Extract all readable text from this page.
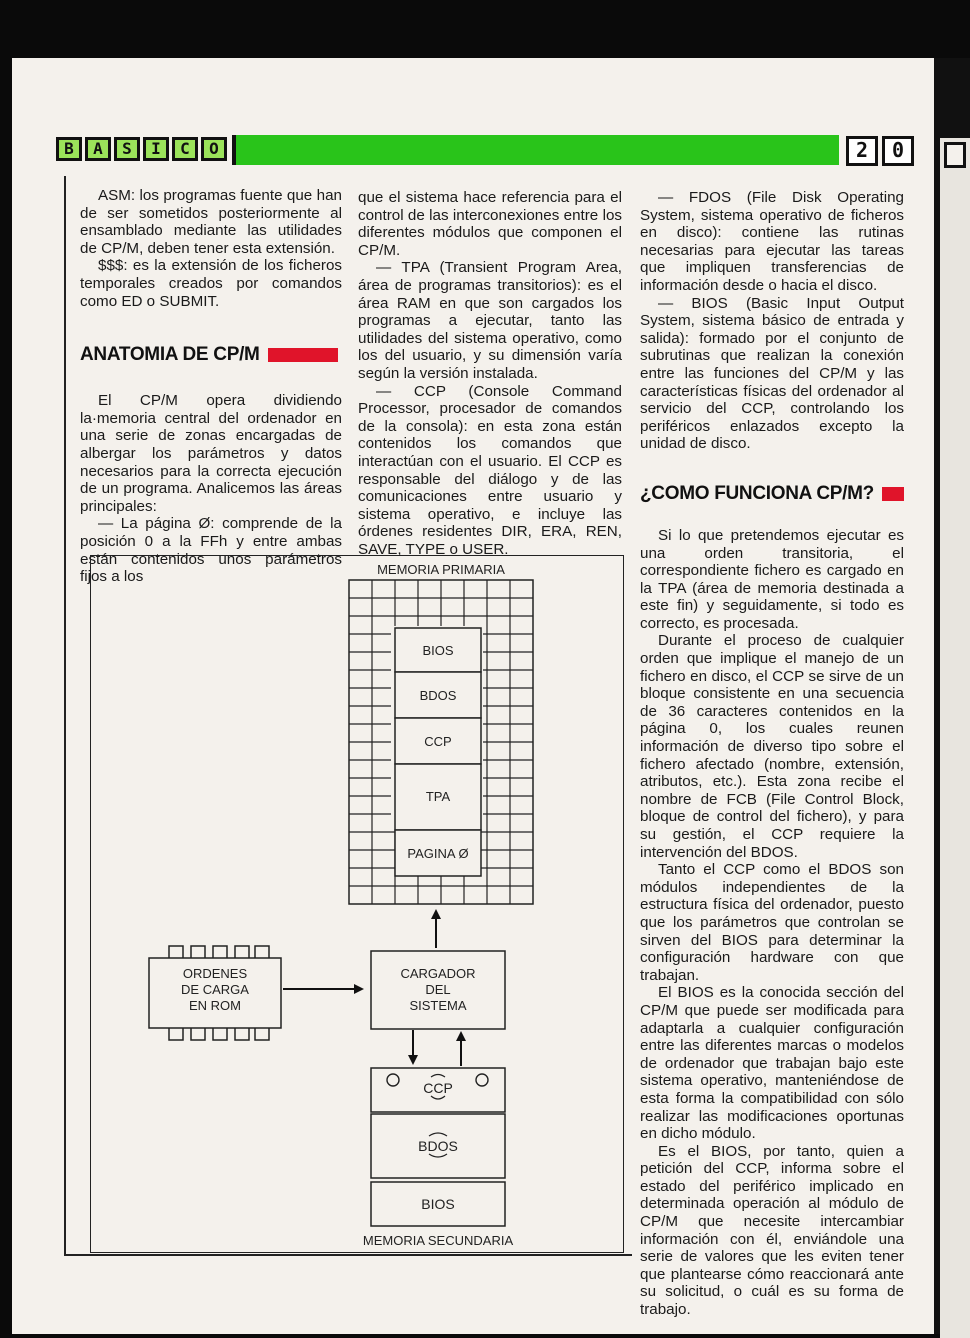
B	A	S	I	C	O	2	0

ASM: los programas fuente que han de ser sometidos posteriormente al ensamblado mediante las utilidades de CP/M, deben tener esta extensión.

$$$: es la extensión de los ficheros temporales creados por comandos como ED o SUBMIT.

ANATOMIA DE CP/M

El CP/M opera dividiendo la·memoria central del ordenador en una serie de zonas encargadas de albergar los parámetros y datos necesarios para la correcta ejecución de un programa. Analicemos las áreas principales:

— La página Ø: comprende de la posición 0 a la FFh y entre ambas están contenidos unos parámetros fijos a los

que el sistema hace referencia para el control de las interconexiones entre los diferentes módulos que componen el CP/M.

— TPA (Transient Program Area, área de programas transitorios): es el área RAM en que son cargados los programas a ejecutar, tanto las utilidades del sistema operativo, como los del usuario, y su dimensión varía según la versión instalada.

— CCP (Console Command Processor, procesador de comandos de la consola): en esta zona están contenidos los comandos que interactúan con el usuario. El CCP es responsable del diálogo y de las comunicaciones entre usuario y sistema operativo, e incluye las órdenes residentes DIR, ERA, REN, SAVE, TYPE o USER.

— FDOS (File Disk Operating System, sistema operativo de ficheros en disco): contiene las rutinas necesarias para ejecutar las tareas que impliquen transferencias de información desde o hacia el disco.

— BIOS (Basic Input Output System, sistema básico de entrada y salida): formado por el conjunto de subrutinas que realizan la conexión entre las funciones del CP/M y las características físicas del ordenador al servicio del CCP, controlando los periféricos enlazados excepto la unidad de disco.

¿COMO FUNCIONA CP/M?

Si lo que pretendemos ejecutar es una orden transitoria, el correspondiente fichero es cargado en la TPA (área de memoria destinada a este fin) y seguidamente, si todo es correcto, es procesada.

Durante el proceso de cualquier orden que implique el manejo de un fichero en disco, el CCP se sirve de un bloque consistente en una secuencia de 36 caracteres contenidos en la página 0, los cuales reunen información de diverso tipo sobre el fichero afectado (nombre, extensión, atributos, etc.). Esta zona recibe el nombre de FCB (File Control Block, bloque de control del fichero), y para su gestión, el CCP requiere la intervención del BDOS.

Tanto el CCP como el BDOS son módulos independientes de la estructura física del ordenador, puesto que los parámetros que controlan se sirven del BIOS para determinar la configuración hardware con que trabajan.

El BIOS es la conocida sección del CP/M que puede ser modificada para adaptarla a cualquier configuración entre las diferentes marcas o modelos de ordenador que trabajan bajo este sistema operativo, manteniéndose de esta forma la compatibilidad con sólo realizar las modificaciones oportunas en dicho módulo.

Es el BIOS, por tanto, quien a petición del CCP, informa sobre el estado del periférico implicado en determinada operación al módulo de CP/M que necesite intercambiar información con él, enviándole una serie de valores que les eviten tener que plantearse cómo reaccionará ante su solicitud, o cuál es su forma de trabajo.

MEMORIA PRIMARIA
BIOS
BDOS
CCP
TPA
PAGINA Ø
ORDENES
DE CARGA
EN ROM
CARGADOR
DEL
SISTEMA
CCP
BDOS
BIOS
MEMORIA SECUNDARIA
